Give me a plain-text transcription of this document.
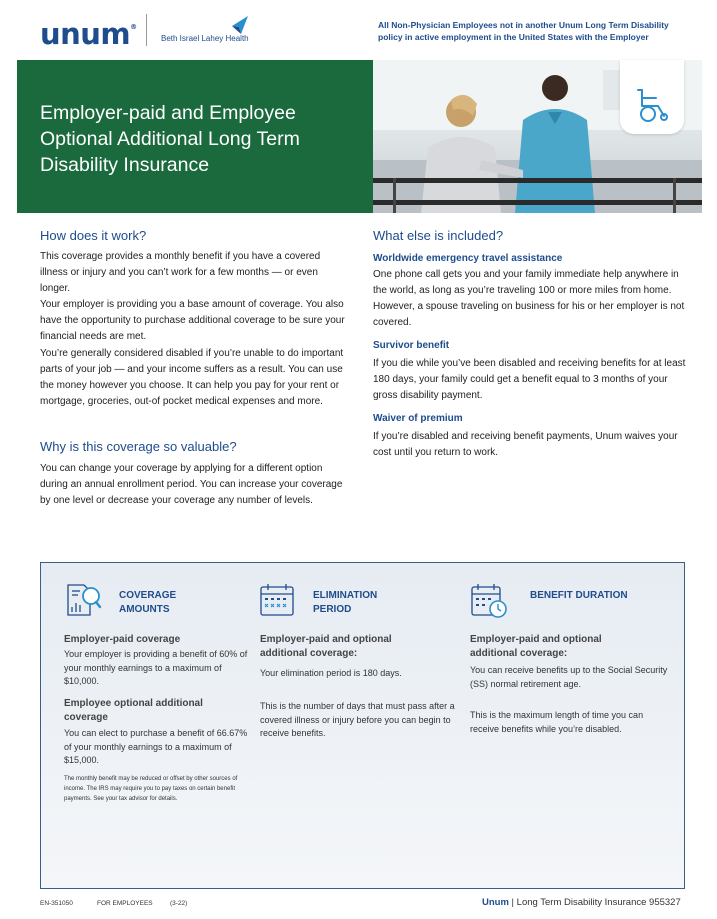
unum®
Beth Israel Lahey Health
All Non-Physician Employees not in another Unum Long Term Disability policy in active employment in the United States with the Employer
Employer-paid and Employee Optional Additional Long Term Disability Insurance
How does it work?
This coverage provides a monthly benefit if you have a covered illness or injury and you can’t work for a few months — or even longer.
Your employer is providing you a base amount of coverage. You also have the opportunity to purchase additional coverage to be sure your financial needs are met.
You’re generally considered disabled if you’re unable to do important parts of your job — and your income suffers as a result. You can use the money however you choose. It can help you pay for your rent or mortgage, groceries, out-of pocket medical expenses and more.
Why is this coverage so valuable?
You can change your coverage by applying for a different option during an annual enrollment period. You can increase your coverage by one level or decrease your coverage any number of levels.
What else is included?
Worldwide emergency travel assistance
One phone call gets you and your family immediate help anywhere in the world, as long as you’re traveling 100 or more miles from home. However, a spouse traveling on business for his or her employer is not covered.
Survivor benefit
If you die while you’ve been disabled and receiving benefits for at least 180 days, your family could get a benefit equal to 3 months of your gross disability payment.
Waiver of premium
If you’re disabled and receiving benefit payments, Unum waives your cost until you return to work.
COVERAGE AMOUNTS
Employer-paid coverage
Your employer is providing a benefit of 60% of your monthly earnings to a maximum of $10,000.
Employee optional additional coverage
You can elect to purchase a benefit of 66.67% of your monthly earnings to a maximum of $15,000.
The monthly benefit may be reduced or offset by other sources of income. The IRS may require you to pay taxes on certain benefit payments. See your tax advisor for details.
ELIMINATION PERIOD
Employer-paid and optional additional coverage:
Your elimination period is 180 days.
This is the number of days that must pass after a covered illness or injury before you can begin to receive benefits.
BENEFIT DURATION
Employer-paid and optional additional coverage:
You can receive benefits up to the Social Security (SS) normal retirement age.
This is the maximum length of time you can receive benefits while you’re disabled.
EN-351050	FOR EMPLOYEES	(3-22)	Unum | Long Term Disability Insurance 955327
